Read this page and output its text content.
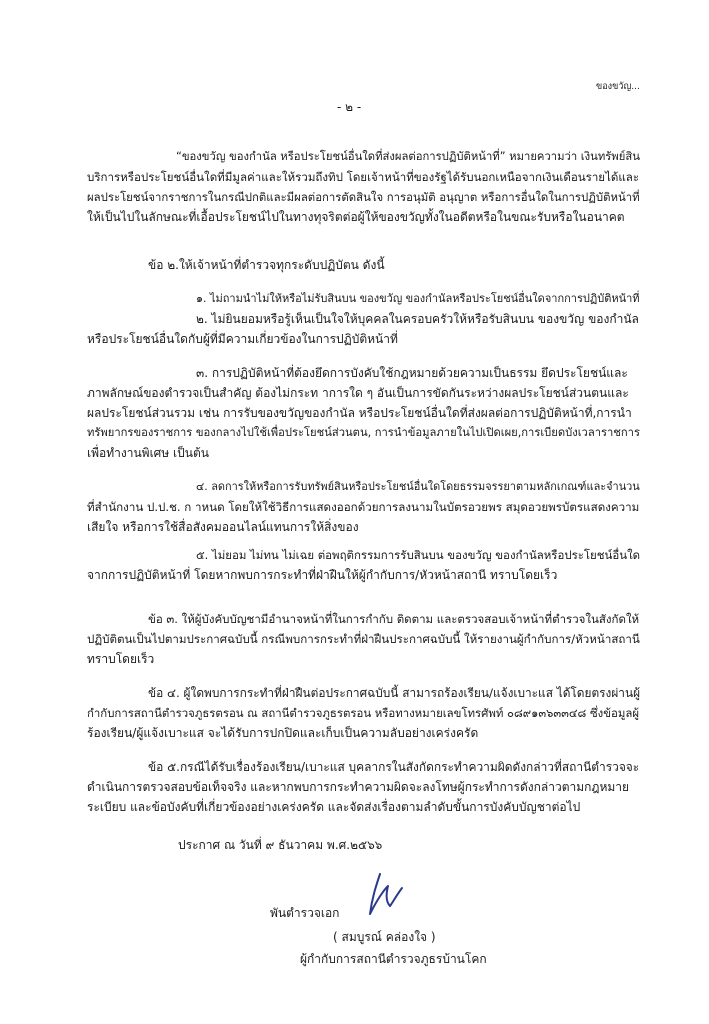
ของขวัญ...
- ๒ -
“ของขวัญ ของกำนัล หรือประโยชน์อื่นใดที่ส่งผลต่อการปฏิบัติหน้าที่” หมายความว่า เงินทรัพย์สิน
บริการหรือประโยชน์อื่นใดที่มีมูลค่าและให้รวมถึงทิป โดยเจ้าหน้าที่ของรัฐได้รับนอกเหนือจากเงินเดือนรายได้และ
ผลประโยชน์จากราชการในกรณีปกติและมีผลต่อการตัดสินใจ การอนุมัติ อนุญาต หรือการอื่นใดในการปฏิบัติหน้าที่
ให้เป็นไปในลักษณะที่เอื้อประโยชน์ไปในทางทุจริตต่อผู้ให้ของขวัญทั้งในอดีตหรือในขณะรับหรือในอนาคต
ข้อ ๒.ให้เจ้าหน้าที่ตำรวจทุกระดับปฏิบัตน ดังนี้
๑. ไม่ถามนำไม่ให้หรือไม่รับสินบน ของขวัญ ของกำนัลหรือประโยชน์อื่นใดจากการปฏิบัติหน้าที่
๒. ไม่ยินยอมหรือรู้เห็นเป็นใจให้บุคคลในครอบครัวให้หรือรับสินบน ของขวัญ ของกำนัล
หรือประโยชน์อื่นใดกับผู้ที่มีความเกี่ยวข้องในการปฏิบัติหน้าที่
๓. การปฏิบัติหน้าที่ต้องยึดการบังคับใช้กฎหมายด้วยความเป็นธรรม ยึดประโยชน์และ
ภาพลักษณ์ของตำรวจเป็นสำคัญ ต้องไม่กระท าการใด ๆ อันเป็นการขัดกันระหว่างผลประโยชน์ส่วนตนและ
ผลประโยชน์ส่วนรวม เช่น การรับของขวัญของกำนัล หรือประโยชน์อื่นใดที่ส่งผลต่อการปฏิบัติหน้าที่,การนำ
ทรัพยากรของราชการ ของกลางไปใช้เพื่อประโยชน์ส่วนตน, การนำข้อมูลภายในไปเปิดเผย,การเบียดบังเวลาราชการ
เพื่อทำงานพิเศษ เป็นต้น
๔. ลดการให้หรือการรับทรัพย์สินหรือประโยชน์อื่นใดโดยธรรมจรรยาตามหลักเกณฑ์และจำนวน
ที่สำนักงาน ป.ป.ช. ก าหนด โดยให้ใช้วิธีการแสดงออกด้วยการลงนามในบัตรอวยพร สมุดอวยพรบัตรแสดงความ
เสียใจ หรือการใช้สื่อสังคมออนไลน์แทนการให้สิ่งของ
๕. ไม่ยอม ไม่ทน ไม่เฉย ต่อพฤติกรรมการรับสินบน ของขวัญ ของกำนัลหรือประโยชน์อื่นใด
จากการปฏิบัติหน้าที่ โดยหากพบการกระทำที่ฝ่าฝืนให้ผู้กำกับการ/หัวหน้าสถานี ทราบโดยเร็ว
ข้อ ๓. ให้ผู้บังคับบัญชามีอำนาจหน้าที่ในการกำกับ ติดตาม และตรวจสอบเจ้าหน้าที่ตำรวจในสังกัดให้
ปฏิบัติตนเป็นไปตามประกาศฉบับนี้ กรณีพบการกระทำที่ฝ่าฝืนประกาศฉบับนี้ ให้รายงานผู้กำกับการ/หัวหน้าสถานี
ทราบโดยเร็ว
ข้อ ๔. ผู้ใดพบการกระทำที่ฝ่าฝืนต่อประกาศฉบับนี้ สามารถร้องเรียน/แจ้งเบาะแส ได้โดยตรงผ่านผู้
กำกับการสถานีตำรวจภูธรตรอน ณ สถานีตำรวจภูธรตรอน หรือทางหมายเลขโทรศัพท์ ๐๘๙๑๓๖๓๓๔๘ ซึ่งข้อมูลผู้
ร้องเรียน/ผู้แจ้งเบาะแส จะได้รับการปกปิดและเก็บเป็นความลับอย่างเคร่งครัด
ข้อ ๕.กรณีได้รับเรื่องร้องเรียน/เบาะแส บุคลากรในสังกัดกระทำความผิดดังกล่าวที่สถานีตำรวจจะ
ดำเนินการตรวจสอบข้อเท็จจริง และหากพบการกระทำความผิดจะลงโทษผู้กระทำการดังกล่าวตามกฎหมาย
ระเบียบ และข้อบังคับที่เกี่ยวข้องอย่างเคร่งครัด และจัดส่งเรื่องตามลำดับขั้นการบังคับบัญชาต่อไป
ประกาศ ณ วันที่ ๙ ธันวาคม พ.ศ.๒๕๖๖
พันตำรวจเอก
( สมบูรณ์ คล่องใจ )
ผู้กำกับการสถานีตำรวจภูธรบ้านโคก
